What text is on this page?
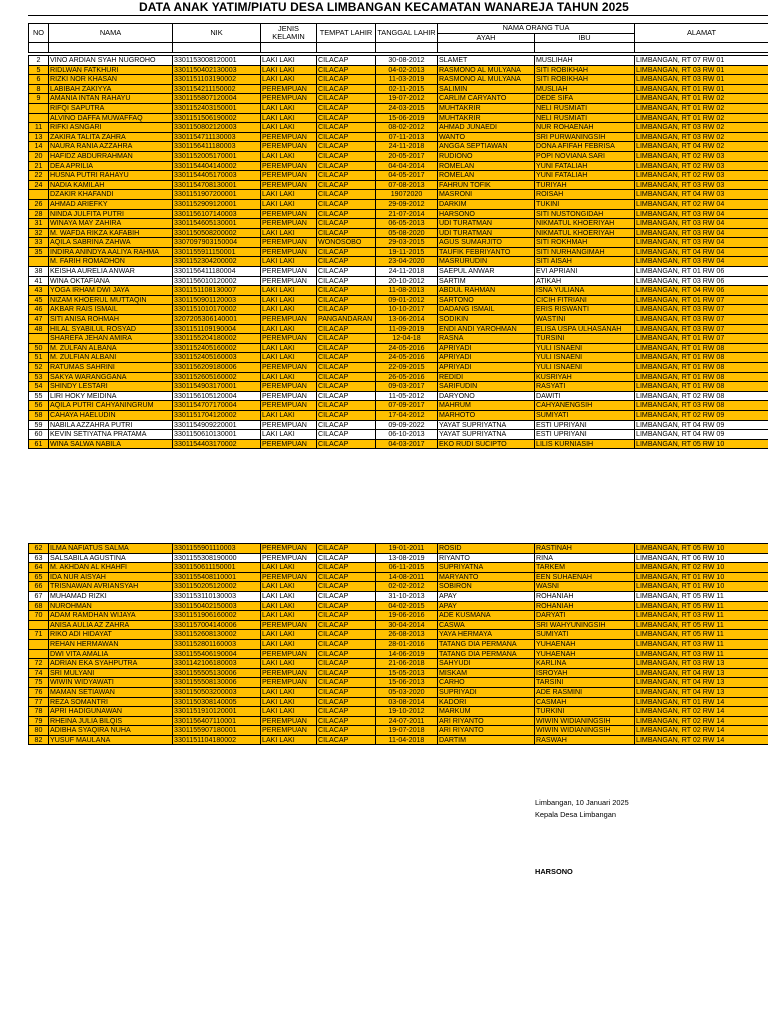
DATA ANAK YATIM/PIATU DESA LIMBANGAN KECAMATAN WANAREJA TAHUN 2025
NO	NAMA	NIK	JENIS KELAMIN	TEMPAT LAHIR	TANGGAL LAHIR	NAMA ORANG TUA		ALAMAT
						AYAH	IBU	

2	VINO ARDIAN SYAH NUGROHO	3301153008120001	LAKI LAKI	CILACAP	30-08-2012	SLAMET	MUSLIHAH	LIMBANGAN, RT 07 RW 01
5	RIDLWAN FATKHURI	3301150402130003	LAKI LAKI	CILACAP	04-02-2013	RASMONO AL MULYANA	SITI ROBIKHAH	LIMBANGAN, RT 03 RW 01
6	RIZKI NOR KHASAN	3301151103190002	LAKI LAKI	CILACAP	11-03-2019	RASMONO AL MULYANA	SITI ROBIKHAH	LIMBANGAN, RT 03 RW 01
8	LABIBAH ZAKIYYA	3301154211150002	PEREMPUAN	CILACAP	02-11-2015	SALIMIN	MUSLIAH	LIMBANGAN, RT 01 RW 01
9	AMANIA INTAN RAHAYU	3301155807120004	PEREMPUAN	CILACAP	19-07-2012	CARLIM CARYANTO	DEDE SIFA	LIMBANGAN, RT 01 RW 02
	RIFQI SAPUTRA	3301152403150001	LAKI LAKI	CILACAP	24-03-2015	MUHTAKRIR	NELI RUSMIATI	LIMBANGAN, RT 01 RW 02
	ALVINO DAFFA MUWAFFAQ	3301151506190002	LAKI LAKI	CILACAP	15-06-2019	MUHTAKRIR	NELI RUSMIATI	LIMBANGAN, RT 01 RW 02
11	RIFKI ASNGARI	3301150802120003	LAKI LAKI	CILACAP	08-02-2012	AHMAD JUNAEDI	NUR ROHAENAH	LIMBANGAN, RT 03 RW 02
13	ZAKIRA TALITA ZAHRA	3301154711130003	PEREMPUAN	CILACAP	07-11-2013	WANTO	SRI PURWANINGSIH	LIMBANGAN, RT 03 RW 02
14	NAURA RANIA AZZAHRA	3301156411180003	PEREMPUAN	CILACAP	24-11-2018	ANGGA SEPTIAWAN	DONA AFIFAH FEBRISA	LIMBANGAN, RT 04 RW 02
20	HAFIDZ ABDURRAHMAN	3301152005170001	LAKI LAKI	CILACAP	20-05-2017	RUDIONO	POPI NOVIANA SARI	LIMBANGAN, RT 02 RW 03
21	DEA APRILIA	3301154404140002	PEREMPUAN	CILACAP	04-04-2014	ROMELAN	YUNI FATALIAH	LIMBANGAN, RT 02 RW 03
22	HUSNA PUTRI RAHAYU	3301154405170003	PEREMPUAN	CILACAP	04-05-2017	ROMELAN	YUNI FATALIAH	LIMBANGAN, RT 02 RW 03
24	NADIA KAMILAH	3301154708130001	PEREMPUAN	CILACAP	07-08-2013	FAHRUN TOFIK	TURIYAH	LIMBANGAN, RT 03 RW 03
	DZAKIR KHAFANDI	3301151907200001	LAKI LAKI	CILACAP	19072020	MASRONI	ROISAH	LIMBANGAN, RT 04 RW 03
26	AHMAD ARIEFKY	3301152909120001	LAKI LAKI	CILACAP	29-09-2012	DARKIM	TUKINI	LIMBANGAN, RT 02 RW 04
28	NINDA JULFITA PUTRI	3301156107140003	PEREMPUAN	CILACAP	21-07-2014	HARSONO	SITI NUSTONGIDAH	LIMBANGAN, RT 03 RW 04
31	WINAYA MAY ZAHIRA	3301154605130001	PEREMPUAN	CILACAP	06-05-2013	UDI TURATMAN	NIKMATUL KHOERIYAH	LIMBANGAN, RT 03 RW 04
32	M. WAFDA RIKZA KAFABIH	3301150508200002	LAKI LAKI	CILACAP	05-08-2020	UDI TURATMAN	NIKMATUL KHOERIYAH	LIMBANGAN, RT 03 RW 04
33	AQILA SABRINA ZAHWA	3307097903150004	PEREMPUAN	WONOSOBO	29-03-2015	AGUS SUMARJITO	SITI ROKHMAH	LIMBANGAN, RT 03 RW 04
35	INDIRA ANINDYA AALIYA RAHMA	3301155911150001	PEREMPUAN	CILACAP	19-11-2015	TAUFIK FEBRIYANTO	SITI NURHANGIMAH	LIMBANGAN, RT 04 RW 04
	M. FARIH ROMADHON	3301152304200002	LAKI LAKI	CILACAP	23-04-2020	MASRURUDIN	SITI AISAH	LIMBANGAN, RT 03 RW 04
38	KEISHA AURELIA ANWAR	3301156411180004	PEREMPUAN	CILACAP	24-11-2018	SAEPUL ANWAR	EVI APRIANI	LIMBANGAN, RT 01 RW 06
41	WINA OKTAFIANA	3301156010120002	PEREMPUAN	CILACAP	20-10-2012	SARTIM	ATIKAH	LIMBANGAN, RT 03 RW 06
43	YOGA IRHAM DWI JAYA	3301151108130007	LAKI LAKI	CILACAP	11-08-2013	ABDUL RAHMAN	ISNA YULIANA	LIMBANGAN, RT 04 RW 06
45	NIZAM KHOERUL MUTTAQIN	3301150901120003	LAKI LAKI	CILACAP	09-01-2012	SARTONO	CICIH FITRIANI	LIMBANGAN, RT 01 RW 07
46	AKBAR RAIS ISMAIL	3301151010170002	LAKI LAKI	CILACAP	10-10-2017	DADANG ISMAIL	ERIS RISWANTI	LIMBANGAN, RT 03 RW 07
47	SITI ANISA ROHMAH	3207205306140001	PEREMPUAN	PANGANDARAN	13-06-2014	SODIKIN	WASTINI	LIMBANGAN, RT 03 RW 07
48	HILAL SYABILUL ROSYAD	3301151109190004	LAKI LAKI	CILACAP	11-09-2019	ENDI ANDI YAROHMAN	ELISA USPA ULHASANAH	LIMBANGAN, RT 03 RW 07
	SHAREFA JEHAN AMIRA	3301155204180002	PEREMPUAN	CILACAP	12-04-18	RASNA	TURSINI	LIMBANGAN, RT 01 RW 07
50	M. ZULFAN ALBANA	3301152405160002	LAKI LAKI	CILACAP	24-05-2016	APRIYADI	YULI ISNAENI	LIMBANGAN, RT 01 RW 08
51	M. ZULFIAN ALBANI	3301152405160003	LAKI LAKI	CILACAP	24-05-2016	APRIYADI	YULI ISNAENI	LIMBANGAN, RT 01 RW 08
52	RATUMAS SAHRINI	3301156209180006	PEREMPUAN	CILACAP	22-09-2015	APRIYADI	YULI ISNAENI	LIMBANGAN, RT 01 RW 08
53	SAKYA WARANGGANA	3301152605160002	LAKI LAKI	CILACAP	26-05-2016	REDIDI	KUSRIYAH	LIMBANGAN, RT 01 RW 08
54	SHINDY LESTARI	3301154903170001	PEREMPUAN	CILACAP	09-03-2017	SARIFUDIN	RASYATI	LIMBANGAN, RT 01 RW 08
55	LIRI HOKY MEIDINA	3301156105120004	PEREMPUAN	CILACAP	11-05-2012	DARYONO	DAWITI	LIMBANGAN, RT 02 RW 08
56	AQILA PUTRI CAHYANINGRUM	3301154707170004	PEREMPUAN	CILACAP	07-09-2017	MAHRUM	CAHYANENGSIH	LIMBANGAN, RT 03 RW 08
58	CAHAYA HAELUDIN	3301151704120002	LAKI LAKI	CILACAP	17-04-2012	MARHOTO	SUMIYATI	LIMBANGAN, RT 02 RW 09
59	NABILA AZZAHRA PUTRI	3301154909220001	PEREMPUAN	CILACAP	09-09-2022	YAYAT SUPRIYATNA	ESTI UPRIYANI	LIMBANGAN, RT 04 RW 09
60	KEVIN SETIYATNA PRATAMA	3301150610130001	LAKI LAKI	CILACAP	06-10-2013	YAYAT SUPRIYATNA	ESTI UPRIYANI	LIMBANGAN, RT 04 RW 09
61	WINA SALWA NABILA	3301154403170002	PEREMPUAN	CILACAP	04-03-2017	EKO RUDI SUCIPTO	LILIS KURNIASIH	LIMBANGAN, RT 05 RW 10
62	ILMA NAFIATUS SALMA	3301155901110003	PEREMPUAN	CILACAP	19-01-2011	ROSID	RASTINAH	LIMBANGAN, RT 05 RW 10
63	SALSABILA AGUSTINA	3301155308190000	PEREMPUAN	CILACAP	13-08-2019	RIYANTO	RINA	LIMBANGAN, RT 06 RW 10
64	M. AKHDAN AL KHAHFI	3301150611150001	LAKI LAKI	CILACAP	06-11-2015	SUPRIYATNA	TARKEM	LIMBANGAN, RT 02 RW 10
65	IDA NUR AISYAH	3301155408110001	PEREMPUAN	CILACAP	14-08-2011	MARYANTO	EEN SUHAENAH	LIMBANGAN, RT 01 RW 10
66	TRISNAWAN AVRIANSYAH	3301150205120002	LAKI LAKI	CILACAP	02-02-2012	SOBIRON	WASNI	LIMBANGAN, RT 01 RW 10
67	MUHAMAD RIZKI	3301153110130003	LAKI LAKI	CILACAP	31-10-2013	APAY	ROHANIAH	LIMBANGAN, RT 05 RW 11
68	NUROHMAN	3301150402150003	LAKI LAKI	CILACAP	04-02-2015	APAY	ROHANIAH	LIMBANGAN, RT 05 RW 11
70	ADAM RAMDHAN WIJAYA	3301151906160002	LAKI LAKI	CILACAP	19-06-2016	ADE KUSMANA	DARYATI	LIMBANGAN, RT 03 RW 11
	ANISA AULIA AZ ZAHRA	3301157004140006	PEREMPUAN	CILACAP	30-04-2014	CASWA	SRI WAHYUNINGSIH	LIMBANGAN, RT 05 RW 11
71	RIKO ADI HIDAYAT	3301152608130002	LAKI LAKI	CILACAP	26-08-2013	YAYA HERMAYA	SUMIYATI	LIMBANGAN, RT 05 RW 11
	REHAN HERMAWAN	3301152801160003	LAKI LAKI	CILACAP	28-01-2016	TATANG DIA PERMANA	YUHAENAH	LIMBANGAN, RT 03 RW 11
	DWI VITA AMALIA	3301155406190004	PEREMPUAN	CILACAP	14-06-2019	TATANG DIA PERMANA	YUHAENAH	LIMBANGAN, RT 03 RW 11
72	ADRIAN EKA SYAHPUTRA	3301142106180003	LAKI LAKI	CILACAP	21-06-2018	SAHYUDI	KARLINA	LIMBANGAN, RT 03 RW 13
74	SRI MULYANI	3301155505130006	PEREMPUAN	CILACAP	15-05-2013	MISKAM	ISROYAH	LIMBANGAN, RT 04 RW 13
75	WIWIN WIDYAWATI	3301155508130006	PEREMPUAN	CILACAP	15-06-2013	CARHO	TARSINI	LIMBANGAN, RT 04 RW 13
76	MAMAN SETIAWAN	3301150503200003	LAKI LAKI	CILACAP	05-03-2020	SUPRIYADI	ADE RASMINI	LIMBANGAN, RT 04 RW 13
77	REZA SOMANTRI	3301150308140005	LAKI LAKI	CILACAP	03-08-2014	KADORI	CASMAH	LIMBANGAN, RT 01 RW 14
78	APRI HADIGUNAWAN	3301151910120001	LAKI LAKI	CILACAP	19-10-2012	MARKUM	TURKINI	LIMBANGAN, RT 02 RW 14
79	RHEINA JULIA BILQIS	3301156407110001	PEREMPUAN	CILACAP	24-07-2011	ARI RIYANTO	WIWIN WIDIANINGSIH	LIMBANGAN, RT 02 RW 14
80	ADIBHA SYAQIRA NUHA	3301155907180001	PEREMPUAN	CILACAP	19-07-2018	ARI RIYANTO	WIWIN WIDIANINGSIH	LIMBANGAN, RT 02 RW 14
82	YUSUF MAULANA	3301151104180002	LAKI LAKI	CILACAP	11-04-2018	DARTIM	RASWAH	LIMBANGAN, RT 02 RW 14
Limbangan, 10 Januari 2025
Kepala Desa Limbangan
HARSONO
